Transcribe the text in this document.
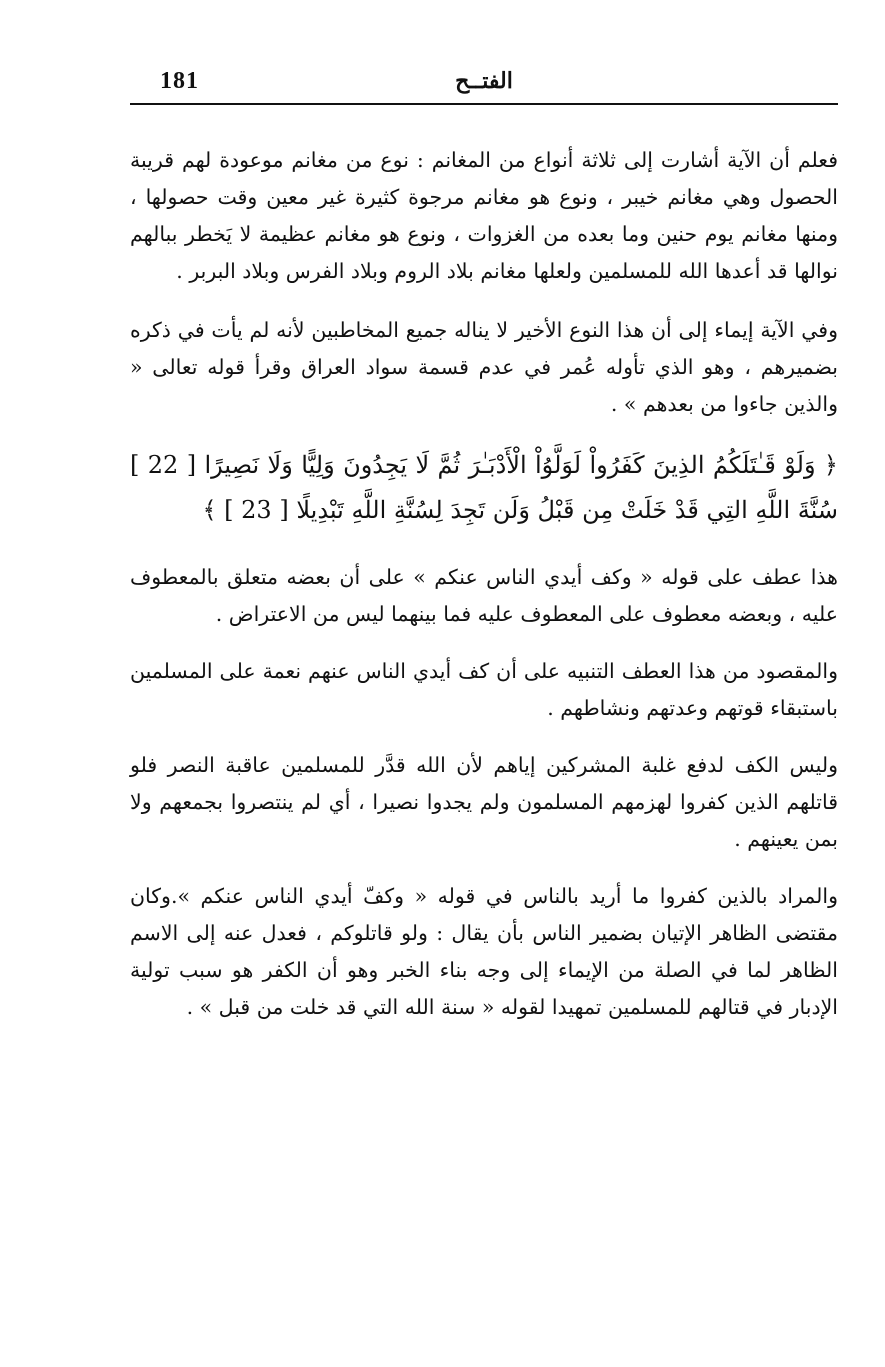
181	الفتــح

فعلم أن الآية أشارت إلى ثلاثة أنواع من المغانم : نوع من مغانم موعودة لهم قريبة الحصول وهي مغانم خيبر ، ونوع هو مغانم مرجوة كثيرة غير معين وقت حصولها ، ومنها مغانم يوم حنين وما بعده من الغزوات ، ونوع هو مغانم عظيمة لا يَخطر ببالهم نوالها قد أعدها الله للمسلمين ولعلها مغانم بلاد الروم وبلاد الفرس وبلاد البربر .

وفي الآية إيماء إلى أن هذا النوع الأخير لا يناله جميع المخاطبين لأنه لم يأت في ذكره بضميرهم ، وهو الذي تأوله عُمر في عدم قسمة سواد العراق وقرأ قوله تعالى « والذين جاءوا من بعدهم » .

﴿ وَلَوْ قَـٰتَلَكُمُ الذِينَ كَفَرُواْ لَوَلَّوُاْ الْأَدْبَـٰرَ ثُمَّ لَا يَجِدُونَ وَلِيًّا وَلَا نَصِيرًا [ 22 ] سُنَّةَ اللَّهِ التِي قَدْ خَلَتْ مِن قَبْلُ وَلَن تَجِدَ لِسُنَّةِ اللَّهِ تَبْدِيلًا [ 23 ] ﴾

هذا عطف على قوله « وكف أيدي الناس عنكم » على أن بعضه متعلق بالمعطوف عليه ، وبعضه معطوف على المعطوف عليه فما بينهما ليس من الاعتراض .

والمقصود من هذا العطف التنبيه على أن كف أيدي الناس عنهم نعمة على المسلمين باستبقاء قوتهم وعدتهم ونشاطهم .

وليس الكف لدفع غلبة المشركين إياهم لأن الله قدَّر للمسلمين عاقبة النصر فلو قاتلهم الذين كفروا لهزمهم المسلمون ولم يجدوا نصيرا ، أي لم ينتصروا بجمعهم ولا بمن يعينهم .

والمراد بالذين كفروا ما أريد بالناس في قوله « وكفّ أيدي الناس عنكم ».وكان مقتضى الظاهر الإتيان بضمير الناس بأن يقال : ولو قاتلوكم ، فعدل عنه إلى الاسم الظاهر لما في الصلة من الإيماء إلى وجه بناء الخبر وهو أن الكفر هو سبب تولية الإدبار في قتالهم للمسلمين تمهيدا لقوله « سنة الله التي قد خلت من قبل » .
